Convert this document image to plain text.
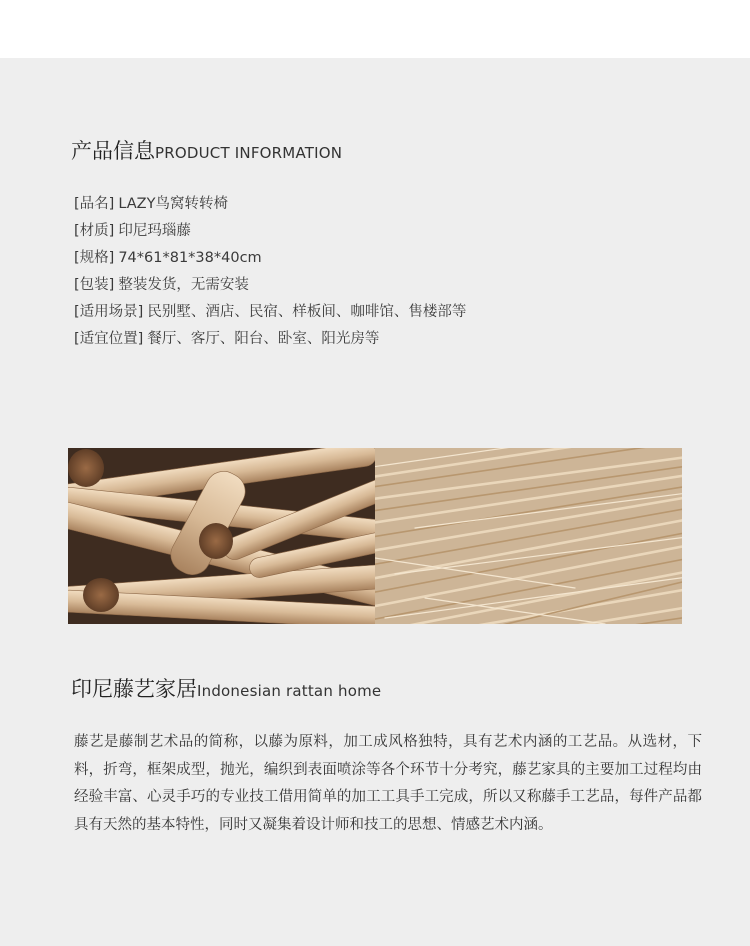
产品信息PRODUCT INFORMATION
[品名] LAZY鸟窝转转椅
[材质] 印尼玛瑙藤
[规格] 74*61*81*38*40cm
[包装] 整装发货，无需安装
[适用场景] 民别墅、酒店、民宿、样板间、咖啡馆、售楼部等
[适宜位置] 餐厅、客厅、阳台、卧室、阳光房等
印尼藤艺家居Indonesian rattan home

藤艺是藤制艺术品的简称，以藤为原料，加工成风格独特，具有艺术内涵的工艺品。从选材，下料，折弯，框架成型，抛光，编织到表面喷涂等各个环节十分考究，藤艺家具的主要加工过程均由经验丰富、心灵手巧的专业技工借用简单的加工工具手工完成，所以又称藤手工艺品，每件产品都具有天然的基本特性，同时又凝集着设计师和技工的思想、情感艺术内涵。
